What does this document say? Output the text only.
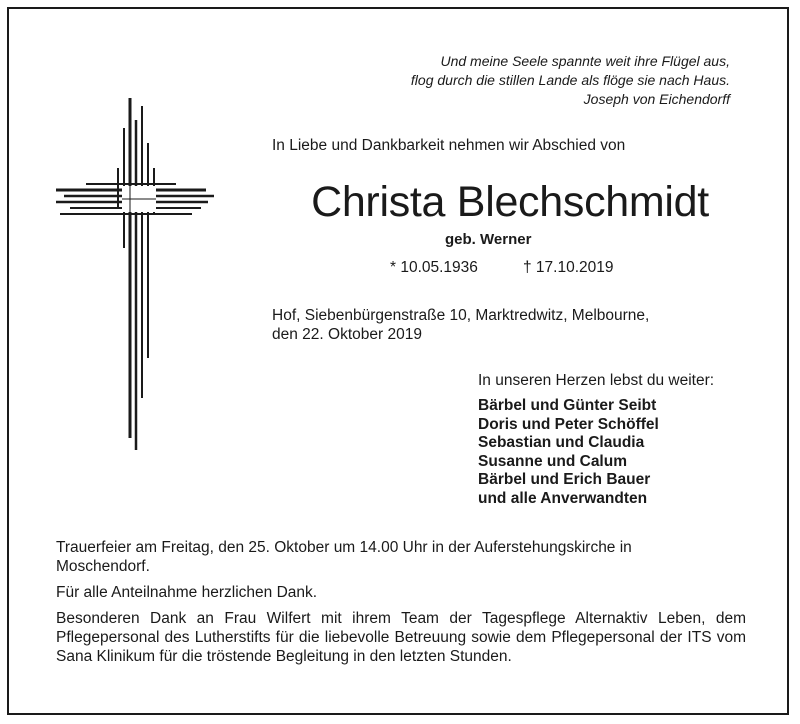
Und meine Seele spannte weit ihre Flügel aus,
flog durch die stillen Lande als flöge sie nach Haus.
Joseph von Eichendorff
In Liebe und Dankbarkeit nehmen wir Abschied von
Christa Blechschmidt
geb. Werner
* 10.05.1936	† 17.10.2019
Hof, Siebenbürgenstraße 10, Marktredwitz, Melbourne,
den 22. Oktober 2019
In unseren Herzen lebst du weiter:
Bärbel und Günter Seibt
Doris und Peter Schöffel
Sebastian und Claudia
Susanne und Calum
Bärbel und Erich Bauer
und alle Anverwandten

Trauerfeier am Freitag, den 25. Oktober um 14.00 Uhr in der Auferstehungskirche in Moschendorf.

Für alle Anteilnahme herzlichen Dank.

Besonderen Dank an Frau Wilfert mit ihrem Team der Tagespflege Alternaktiv Leben, dem Pflegepersonal des Lutherstifts für die liebevolle Betreuung sowie dem Pflegepersonal der ITS vom Sana Klinikum für die tröstende Begleitung in den letzten Stunden.
